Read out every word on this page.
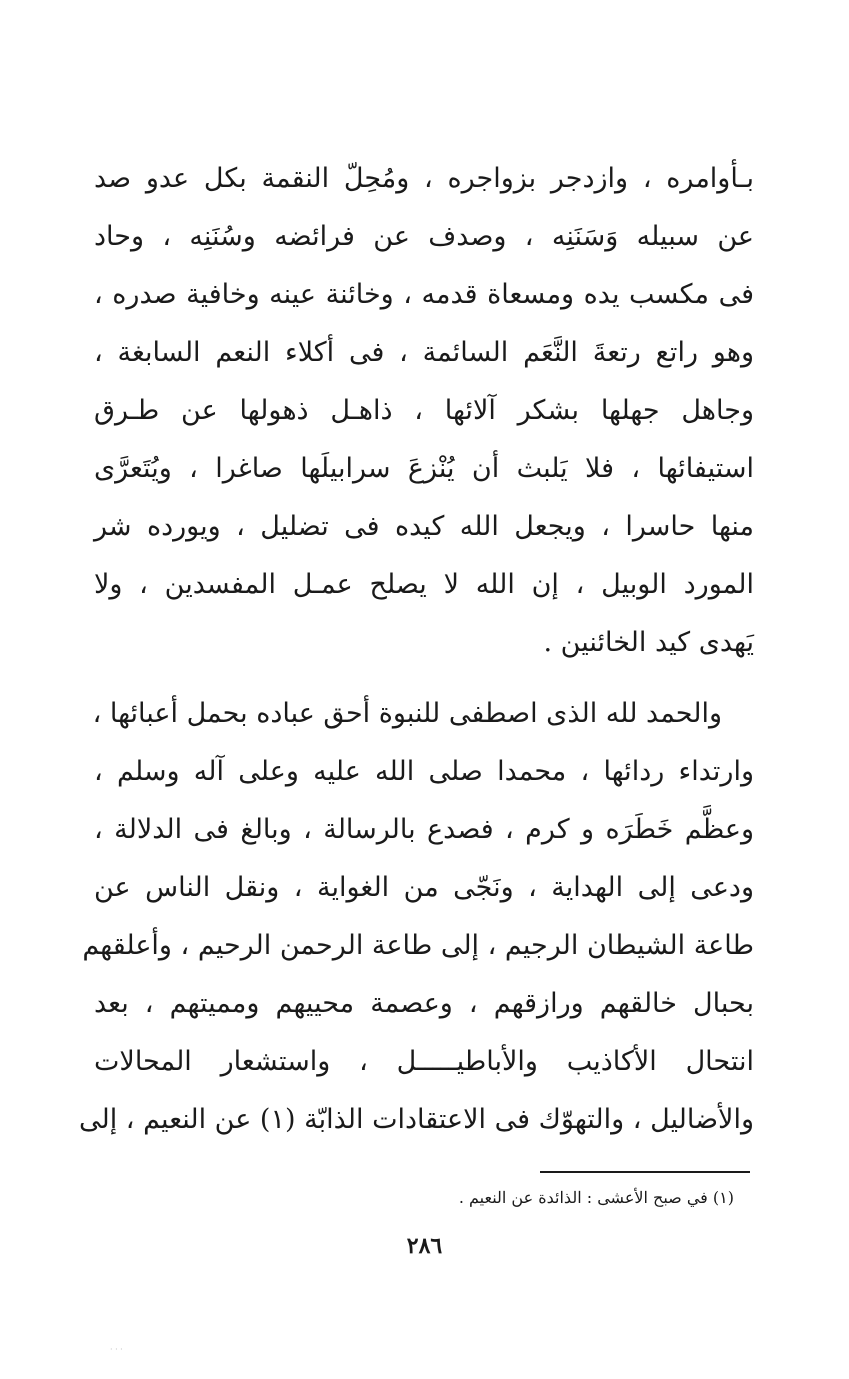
بـأوامره ، وازدجر بزواجره ، ومُحِلّ النقمة بكل عدو صد
عن سبيله وَسَنَنِه ، وصدف عن فرائضه وسُنَنِه ، وحاد
فى مكسب يده ومسعاة قدمه ، وخائنة عينه وخافية صدره ،
وهو راتع رتعةَ النَّعَم السائمة ، فى أكلاء النعم السابغة ،
وجاهل جهلها بشكر آلائها ، ذاهـل ذهولها عن طـرق
استيفائها ، فلا يَلبث أن يُنْزعَ سرابيلَها صاغرا ، ويُتَعرَّى
منها حاسرا ، ويجعل الله كيده فى تضليل ، ويورده شر
المورد الوبيل ، إن الله لا يصلح عمـل المفسدين ، ولا
يَهدى كيد الخائنين .
والحمد لله الذى اصطفى للنبوة أحق عباده بحمل أعبائها ،
وارتداء ردائها ، محمدا صلى الله عليه وعلى آله وسلم ،
وعظَّم خَطَرَه و كرم ، فصدع بالرسالة ، وبالغ فى الدلالة ،
ودعى إلى الهداية ، ونَجّى من الغواية ، ونقل الناس عن
طاعة الشيطان الرجيم ، إلى طاعة الرحمن الرحيم ، وأعلقهم
بحبال خالقهم ورازقهم ، وعصمة محييهم ومميتهم ، بعد
انتحال الأكاذيب والأباطيـــــل ، واستشعار المحالات
والأضاليل ، والتهوّك فى الاعتقادات الذابّة (١) عن النعيم ، إلى
(١) في صبح الأعشى : الذائدة عن النعيم .
٢٨٦
· · ·
